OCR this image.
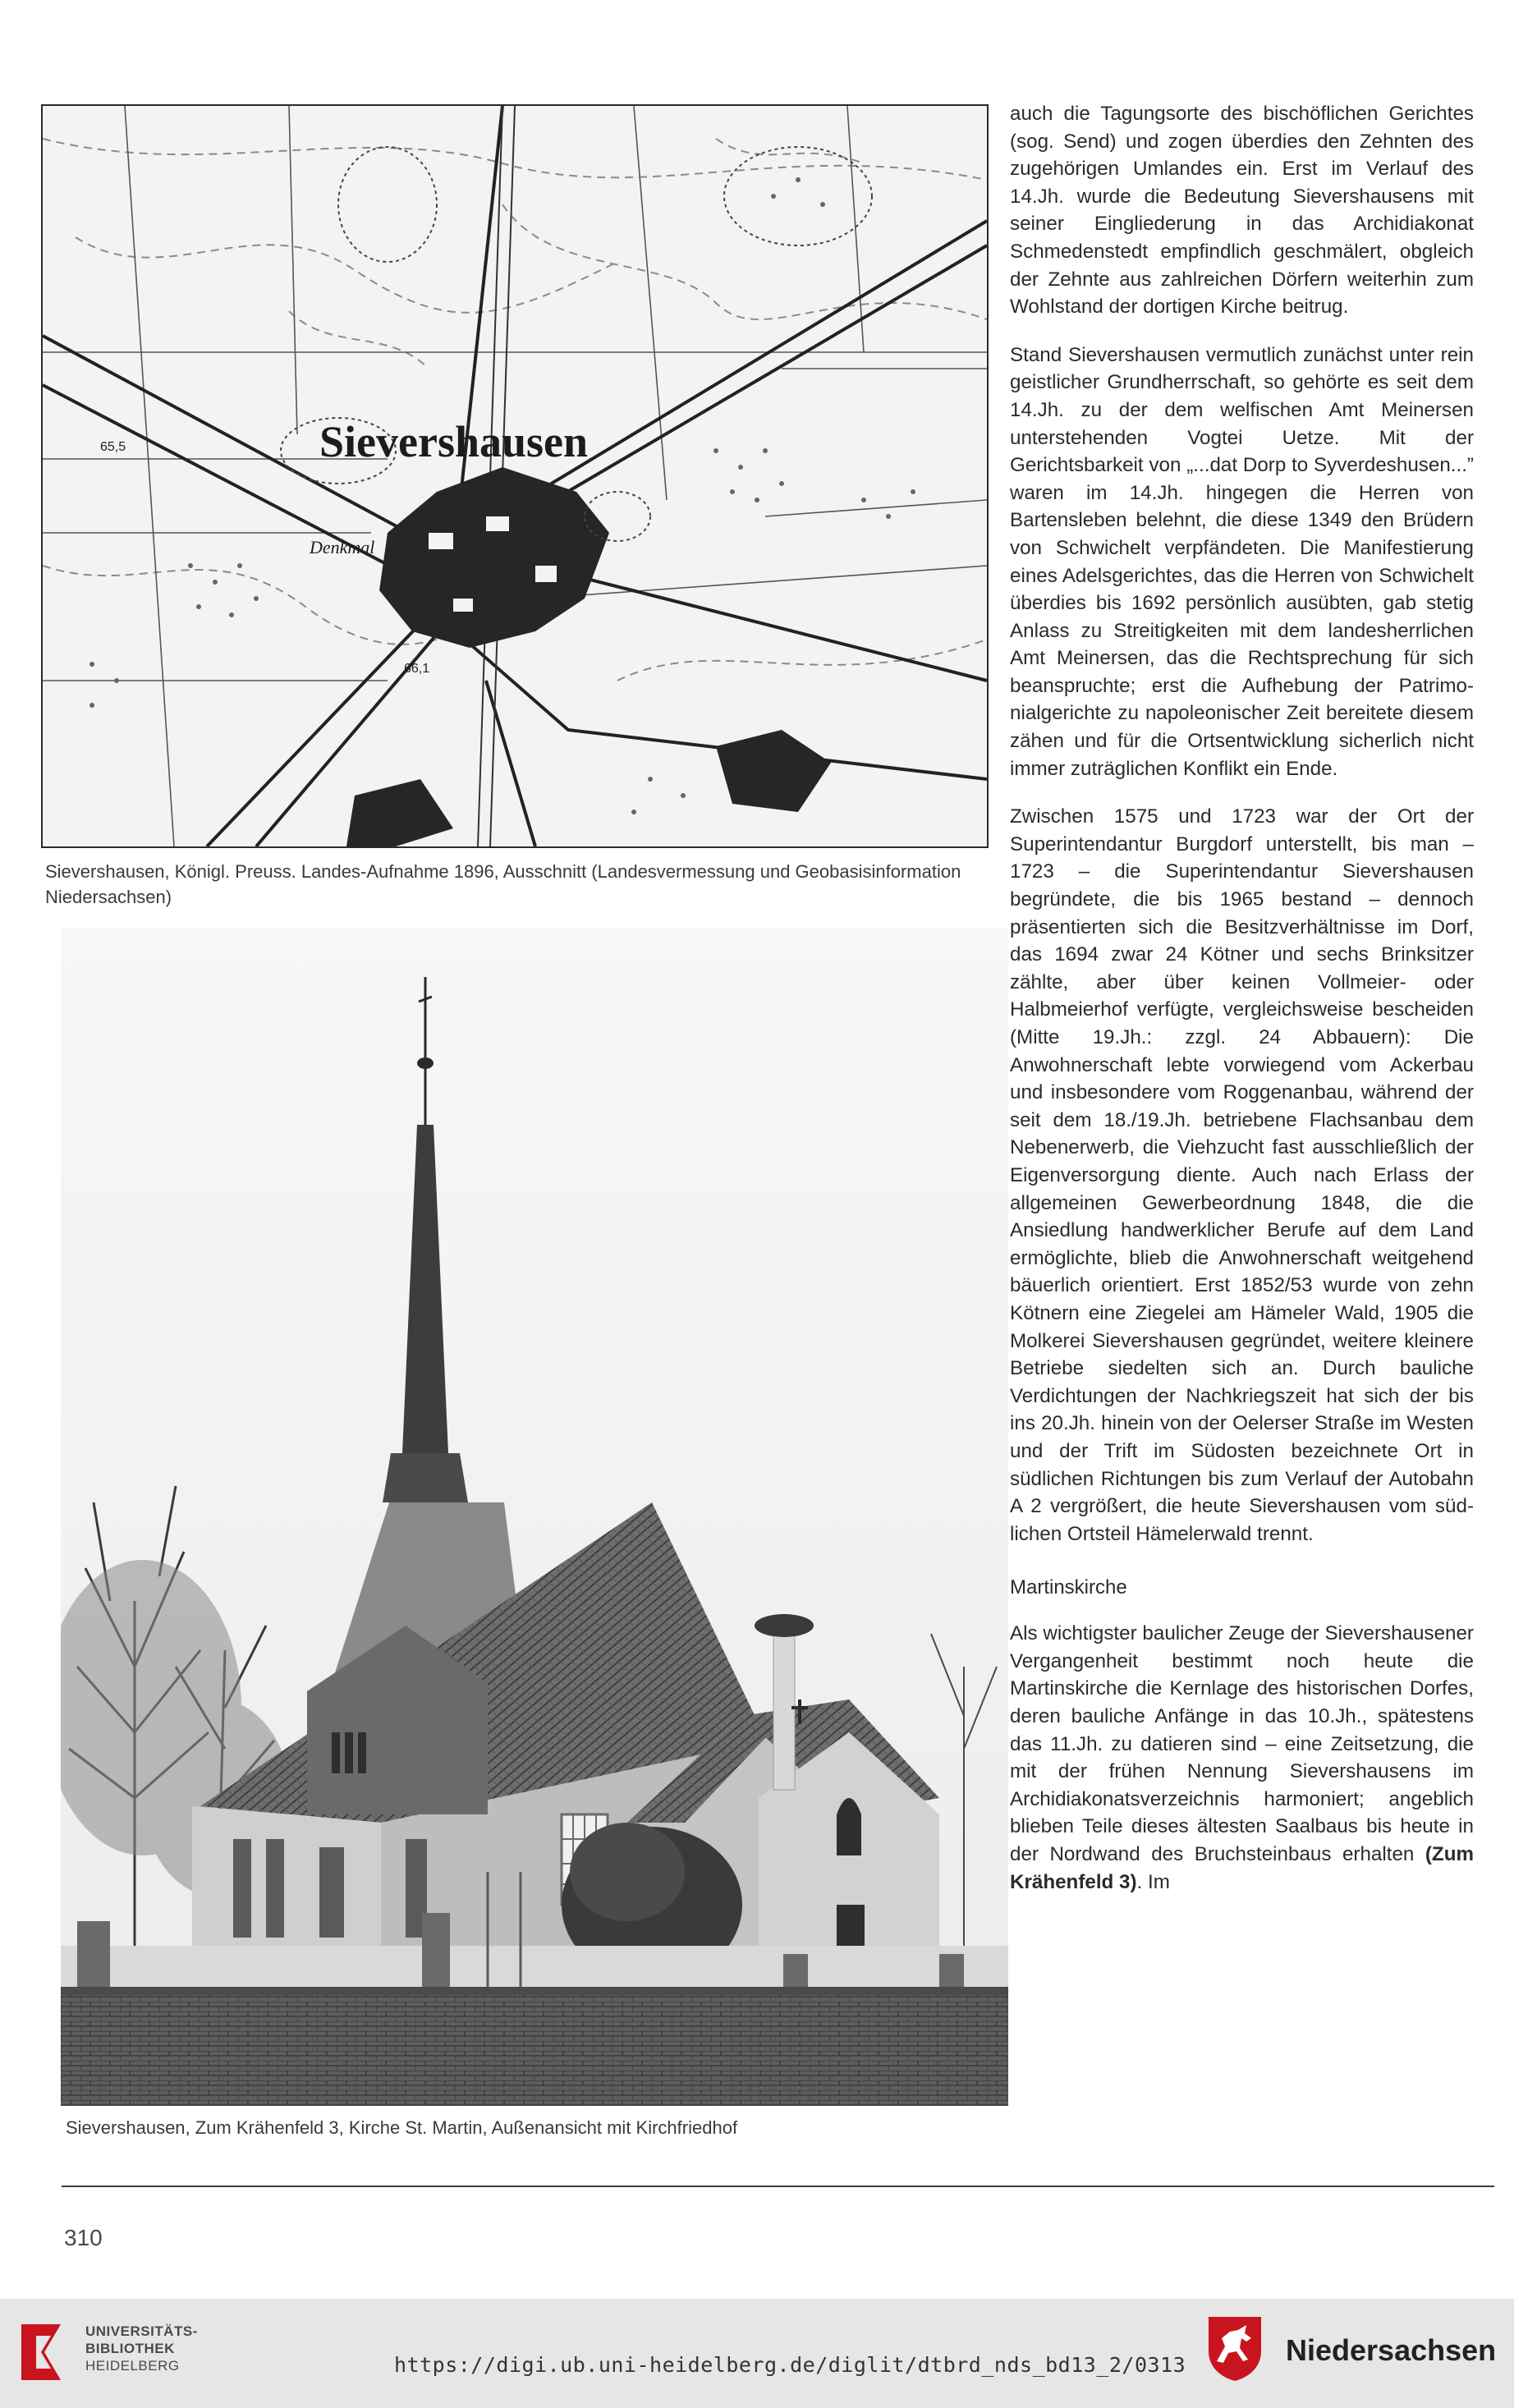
Sievershausen
Denkmal
65,5
66,1
Sievershausen, Königl. Preuss. Landes-Aufnahme 1896, Ausschnitt (Landesvermessung und Geobasisinformation Niedersachsen)
Sievershausen, Zum Krähenfeld 3, Kirche St. Martin, Außenansicht mit Kirchfriedhof

auch die Tagungsorte des bischöflichen Gerichtes (sog. Send) und zogen überdies den Zehnten des zugehörigen Umlandes ein. Erst im Verlauf des 14.Jh. wurde die Bedeutung Sievershausens mit seiner Eingliederung in das Archidiakonat Schmedenstedt empfindlich geschmälert, obgleich der Zehnte aus zahlreichen Dörfern weiterhin zum Wohlstand der dortigen Kirche beitrug.

Stand Sievershausen vermutlich zunächst unter rein geistlicher Grundherrschaft, so gehörte es seit dem 14.Jh. zu der dem welfischen Amt Meinersen unterstehenden Vogtei Uetze. Mit der Gerichtsbarkeit von „...dat Dorp to Syverdeshusen...” waren im 14.Jh. hingegen die Herren von Bartensleben belehnt, die diese 1349 den Brüdern von Schwichelt verpfändeten. Die Manifestierung eines Adelsgerichtes, das die Herren von Schwichelt überdies bis 1692 persönlich ausübten, gab stetig Anlass zu Streitigkeiten mit dem landesherrlichen Amt Meinersen, das die Rechtsprechung für sich beanspruchte; erst die Aufhebung der Patrimonialgerichte zu napoleonischer Zeit bereitete diesem zähen und für die Ortsentwicklung sicherlich nicht immer zuträglichen Konflikt ein Ende.

Zwischen 1575 und 1723 war der Ort der Superintendantur Burgdorf unterstellt, bis man – 1723 – die Superintendantur Sievershausen begründete, die bis 1965 bestand – dennoch präsentierten sich die Besitzverhältnisse im Dorf, das 1694 zwar 24 Kötner und sechs Brinksitzer zählte, aber über keinen Vollmeier- oder Halbmeierhof verfügte, vergleichsweise bescheiden (Mitte 19.Jh.: zzgl. 24 Abbauern): Die Anwohnerschaft lebte vorwiegend vom Ackerbau und insbesondere vom Roggenanbau, während der seit dem 18./19.Jh. betriebene Flachsanbau dem Nebenerwerb, die Viehzucht fast ausschließlich der Eigenversorgung diente. Auch nach Erlass der allgemeinen Gewerbeordnung 1848, die die Ansiedlung handwerklicher Berufe auf dem Land ermöglichte, blieb die Anwohnerschaft weitgehend bäuerlich orientiert. Erst 1852/53 wurde von zehn Kötnern eine Ziegelei am Hämeler Wald, 1905 die Molkerei Sievershausen gegründet, weitere kleinere Betriebe siedelten sich an. Durch bauliche Verdichtungen der Nachkriegszeit hat sich der bis ins 20.Jh. hinein von der Oelerser Straße im Westen und der Trift im Südosten bezeichnete Ort in südlichen Richtungen bis zum Verlauf der Autobahn A 2 vergrößert, die heute Sievershausen vom südlichen Ortsteil Hämelerwald trennt.

Martinskirche

Als wichtigster baulicher Zeuge der Sievershausener Vergangenheit bestimmt noch heute die Martinskirche die Kernlage des historischen Dorfes, deren bauliche Anfänge in das 10.Jh., spätestens das 11.Jh. zu datieren sind – eine Zeitsetzung, die mit der frühen Nennung Sievershausens im Archidiakonatsverzeichnis harmoniert; angeblich blieben Teile dieses ältesten Saalbaus bis heute in der Nordwand des Bruchsteinbaus erhalten (Zum Krähenfeld 3). Im

310
UNIVERSITÄTS-
BIBLIOTHEK
HEIDELBERG	https://digi.ub.uni-heidelberg.de/diglit/dtbrd_nds_bd13_2/0313	Niedersachsen
